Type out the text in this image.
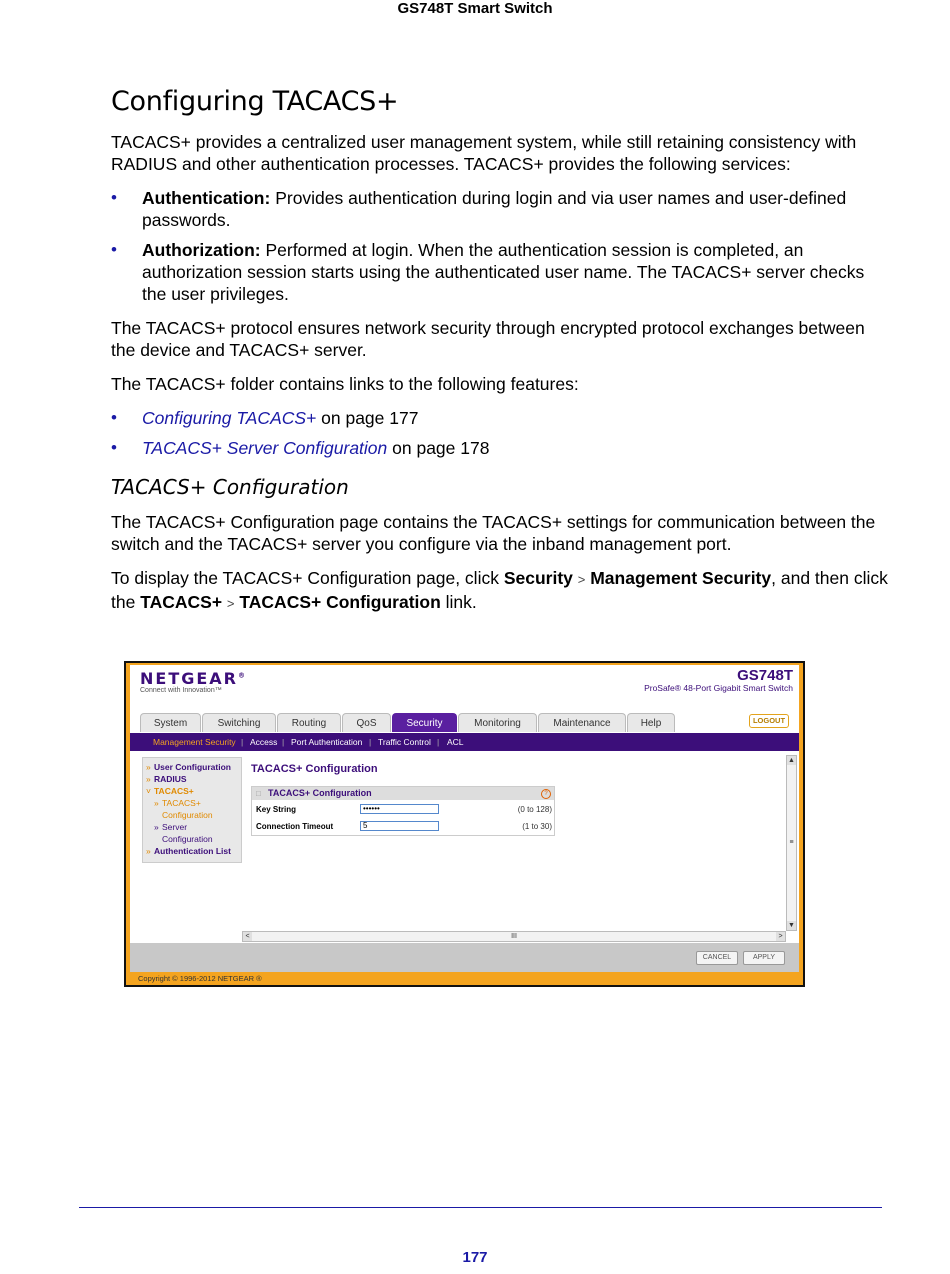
GS748T Smart Switch
Configuring TACACS+

TACACS+ provides a centralized user management system, while still retaining consistency with RADIUS and other authentication processes. TACACS+ provides the following services:

• Authentication: Provides authentication during login and via user names and user-defined passwords.
• Authorization: Performed at login. When the authentication session is completed, an authorization session starts using the authenticated user name. The TACACS+ server checks the user privileges.

The TACACS+ protocol ensures network security through encrypted protocol exchanges between the device and TACACS+ server.

The TACACS+ folder contains links to the following features:

• Configuring TACACS+ on page 177
• TACACS+ Server Configuration on page 178
TACACS+ Configuration

The TACACS+ Configuration page contains the TACACS+ settings for communication between the switch and the TACACS+ server you configure via the inband management port.

To display the TACACS+ Configuration page, click Security > Management Security, and then click the TACACS+ > TACACS+ Configuration link.

NETGEAR®
Connect with Innovation™
GS748T
ProSafe® 48-Port Gigabit Smart Switch
System	Switching	Routing	QoS	Security	Monitoring	Maintenance	Help	LOGOUT
Management Security | Access | Port Authentication | Traffic Control | ACL
» User Configuration
» RADIUS
˅ TACACS+
» TACACS+
Configuration
» Server
Configuration
» Authentication List
TACACS+ Configuration
□ TACACS+ Configuration	?
Key String	••••••	(0 to 128)
Connection Timeout	5	(1 to 30)
▲
≡
▼
<	III	>
CANCEL	APPLY
Copyright © 1996-2012 NETGEAR ®
177
